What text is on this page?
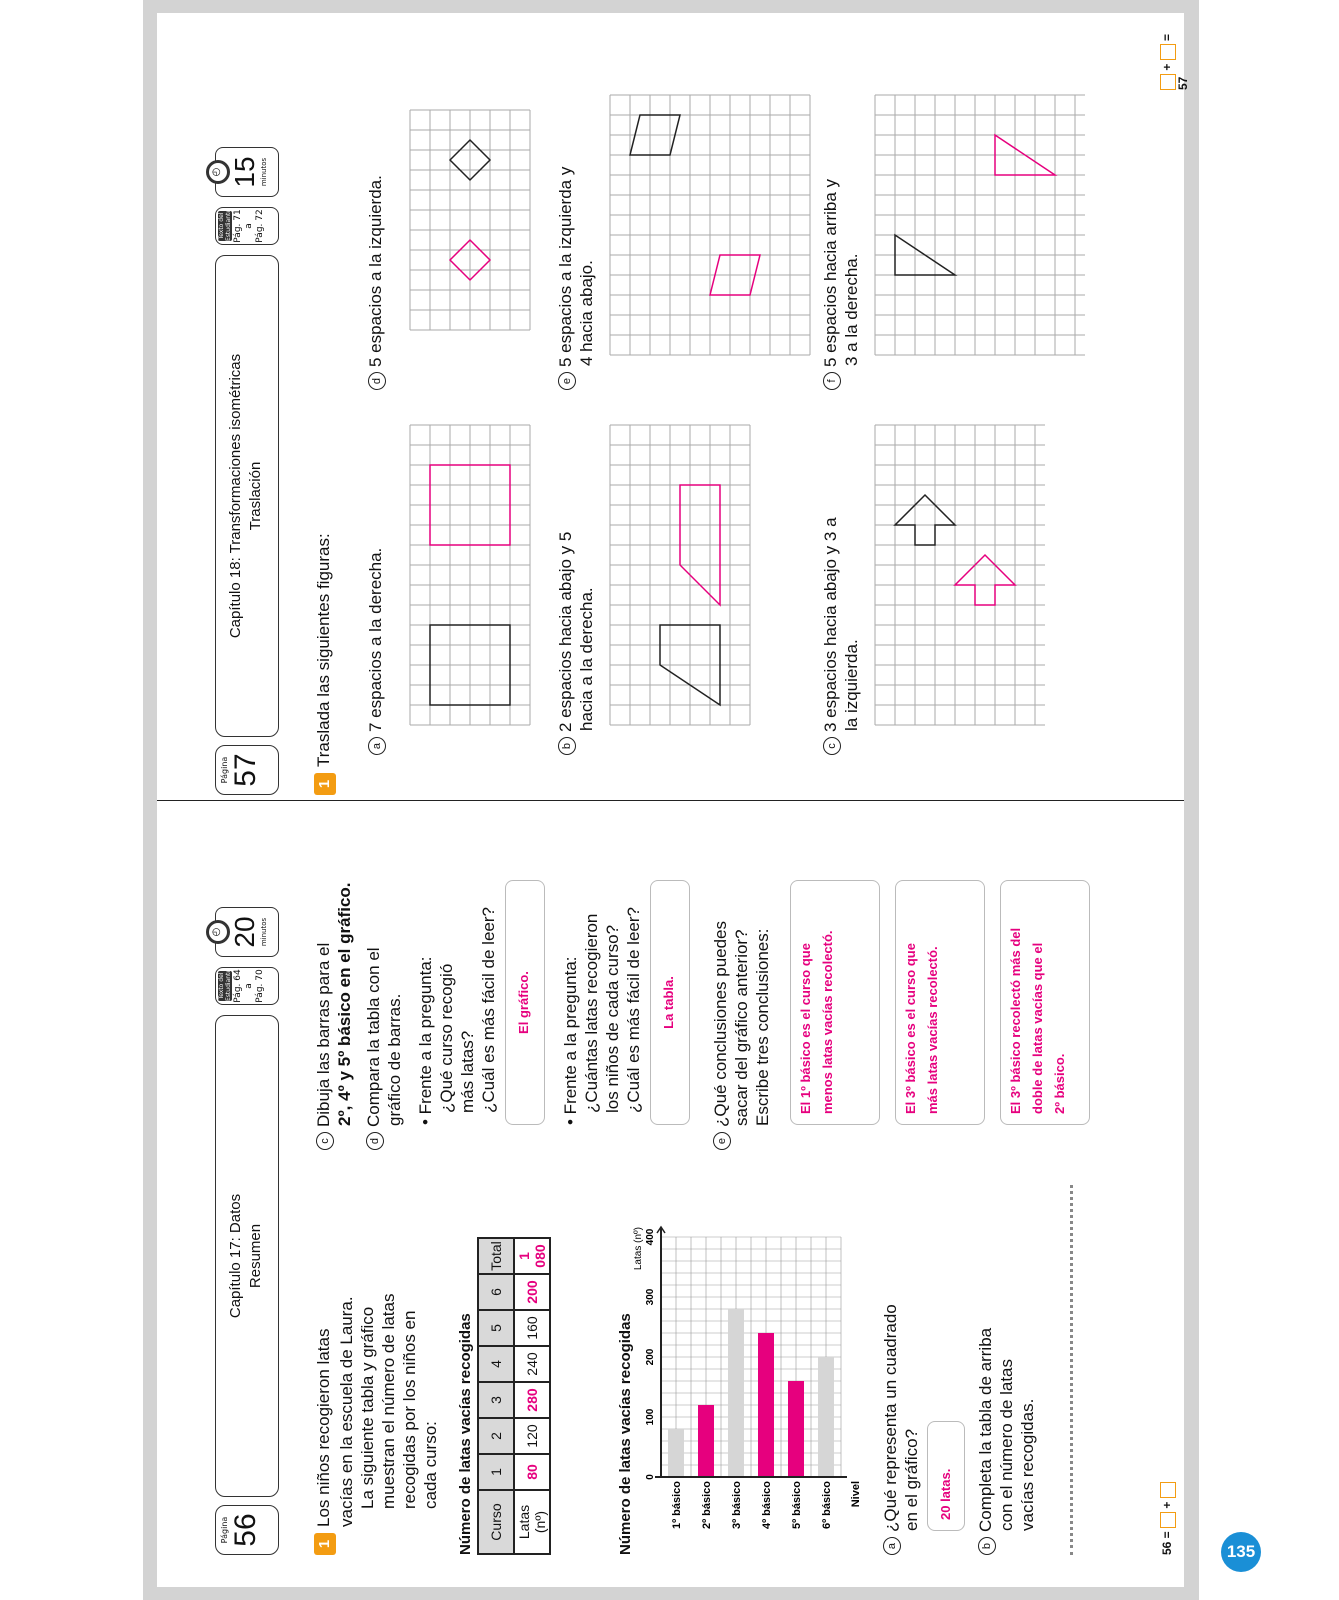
Página 57
Capítulo 18: Transformaciones isométricas Traslación
Texto del Estudiante Pág. 71
a
Pág. 72
◴ 15 minutos
1Traslada las siguientes figuras:	a7 espacios a la derecha.
b2 espacios hacia abajo y 5 hacia a la derecha.
c3 espacios hacia abajo y 3 a la izquierda.
d5 espacios a la izquierda.
e5 espacios a la izquierda y 4 hacia abajo.
f5 espacios hacia arriba y 3 a la derecha.
+  = 57
Página 56
Capítulo 17: Datos Resumen
Texto del Estudiante Pág. 64
a
Pág. 70
◴ 20 minutos
1Los niños recogieron latas vacías en la escuela de Laura. La siguiente tabla y gráfico muestran el número de latas recogidas por los niños en cada curso: Número de latas vacías recogidas Curso	1	2	3	4	5	6	Total
Latas
(nº)	80	120	280	240	160	200	1 080
Número de latas vacías recogidas	1º básico 2º básico 3º básico 4º básico 5º básico 6º básico
0
100
200
300
400
Latas (nº)
Nivel
a¿Qué representa un cuadrado en el gráfico?	20 latas.
bCompleta la tabla de arriba con el número de latas vacías recogidas.
cDibuja las barras para el 2º, 4º y 5º básico en el gráfico.
dCompara la tabla con el gráfico de barras. • Frente a la pregunta: ¿Qué curso recogió más latas? ¿Cuál es más fácil de leer?	El gráfico.
• Frente a la pregunta: ¿Cuántas latas recogieron los niños de cada curso? ¿Cuál es más fácil de leer?	La tabla.
e¿Qué conclusiones puedes sacar del gráfico anterior? Escribe tres conclusiones:	El 1º básico es el curso que menos latas vacías recolectó.	El 3º básico es el curso que más latas vacías recolectó.	El 3º básico recolectó más del doble de latas vacías que el 2º básico.
56 =  +
135
